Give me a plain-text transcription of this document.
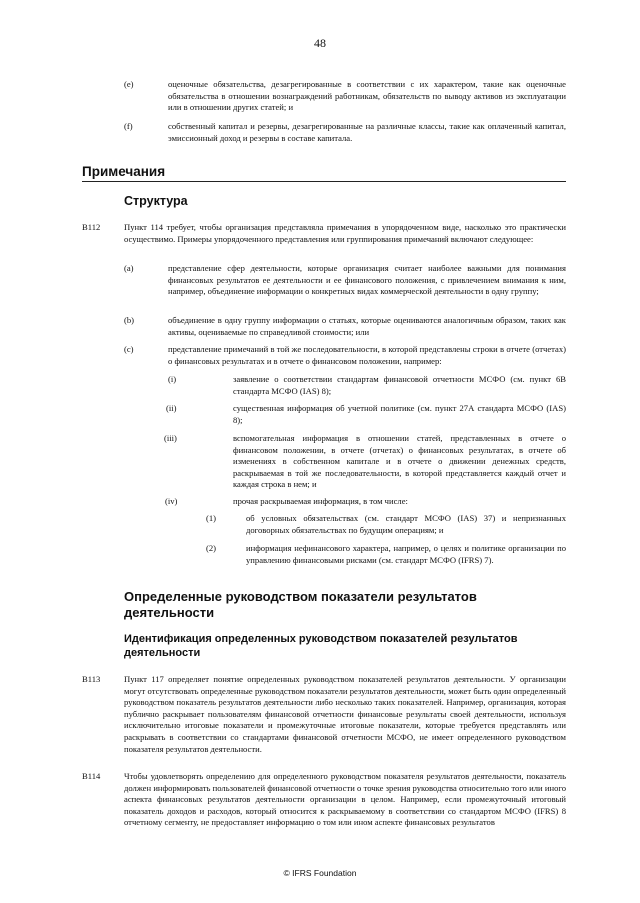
48
(e)	оценочные обязательства, дезагрегированные в соответствии с их характером, такие как оценочные обязательства в отношении вознаграждений работникам, обязательств по выводу активов из эксплуатации или в отношении других статей; и
(f)	собственный капитал и резервы, дезагрегированные на различные классы, такие как оплаченный капитал, эмиссионный доход и резервы в составе капитала.
Примечания
Структура
B112	Пункт 114 требует, чтобы организация представляла примечания в упорядоченном виде, насколько это практически осуществимо. Примеры упорядоченного представления или группирования примечаний включают следующее:
(a)	представление сфер деятельности, которые организация считает наиболее важными для понимания финансовых результатов ее деятельности и ее финансового положения, с привлечением внимания к ним, например, объединение информации о конкретных видах коммерческой деятельности в одну группу;
(b)	объединение в одну группу информации о статьях, которые оцениваются аналогичным образом, таких как активы, оцениваемые по справедливой стоимости; или
(c)	представление примечаний в той же последовательности, в которой представлены строки в отчете (отчетах) о финансовых результатах и в отчете о финансовом положении, например:
(i)	заявление о соответствии стандартам финансовой отчетности МСФО (см. пункт 6В стандарта МСФО (IAS) 8);
(ii)	существенная информация об учетной политике (см. пункт 27А стандарта МСФО (IAS) 8);
(iii)	вспомогательная информация в отношении статей, представленных в отчете о финансовом положении, в отчете (отчетах) о финансовых результатах, в отчете об изменениях в собственном капитале и в отчете о движении денежных средств, раскрываемая в той же последовательности, в которой представляется каждый отчет и каждая строка в нем; и
(iv)	прочая раскрываемая информация, в том числе:
(1)	об условных обязательствах (см. стандарт МСФО (IAS) 37) и непризнанных договорных обязательствах по будущим операциям; и
(2)	информация нефинансового характера, например, о целях и политике организации по управлению финансовыми рисками (см. стандарт МСФО (IFRS) 7).
Определенные руководством показатели результатов деятельности
Идентификация определенных руководством показателей результатов деятельности
B113	Пункт 117 определяет понятие определенных руководством показателей результатов деятельности. У организации могут отсутствовать определенные руководством показатели результатов деятельности, может быть один определенный руководством показатель результатов деятельности либо несколько таких показателей. Например, организация, которая публично раскрывает пользователям финансовой отчетности финансовые результаты своей деятельности, используя исключительно итоговые показатели и промежуточные итоговые показатели, которые требуется представлять или раскрывать в соответствии со стандартами финансовой отчетности МСФО, не имеет определенного руководством показателя результатов деятельности.
B114	Чтобы удовлетворять определению для определенного руководством показателя результатов деятельности, показатель должен информировать пользователей финансовой отчетности о точке зрения руководства относительно того или иного аспекта финансовых результатов деятельности организации в целом. Например, если промежуточный итоговый показатель доходов и расходов, который относится к раскрываемому в соответствии со стандартом МСФО (IFRS) 8 отчетному сегменту, не предоставляет информацию о том или ином аспекте финансовых результатов
© IFRS Foundation
